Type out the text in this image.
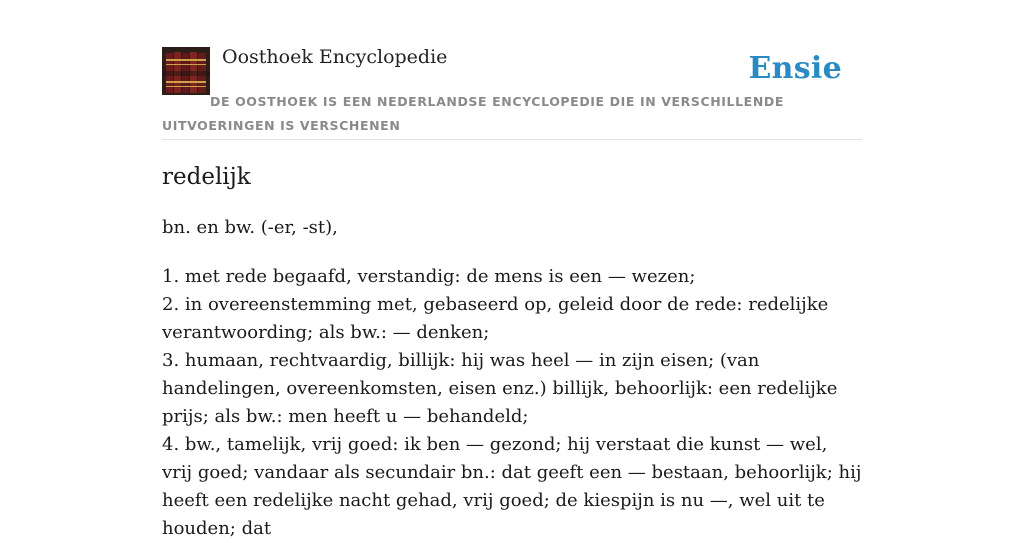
Oosthoek Encyclopedie	Ensie
DE OOSTHOEK IS EEN NEDERLANDSE ENCYCLOPEDIE DIE IN VERSCHILLENDE UITVOERINGEN IS VERSCHENEN
redelijk

bn. en bw. (-er, -st),

1. met rede begaafd, verstandig: de mens is een — wezen;
2. in overeenstemming met, gebaseerd op, geleid door de rede: redelijke verantwoording; als bw.: — denken;
3. humaan, rechtvaardig, billijk: hij was heel — in zijn eisen; (van handelingen, overeenkomsten, eisen enz.) billijk, behoorlijk: een redelijke prijs; als bw.: men heeft u — behandeld;
4. bw., tamelijk, vrij goed: ik ben — gezond; hij verstaat die kunst — wel, vrij goed; vandaar als secundair bn.: dat geeft een — bestaan, behoorlijk; hij heeft een redelijke nacht gehad, vrij goed; de kiespijn is nu —, wel uit te houden; dat
